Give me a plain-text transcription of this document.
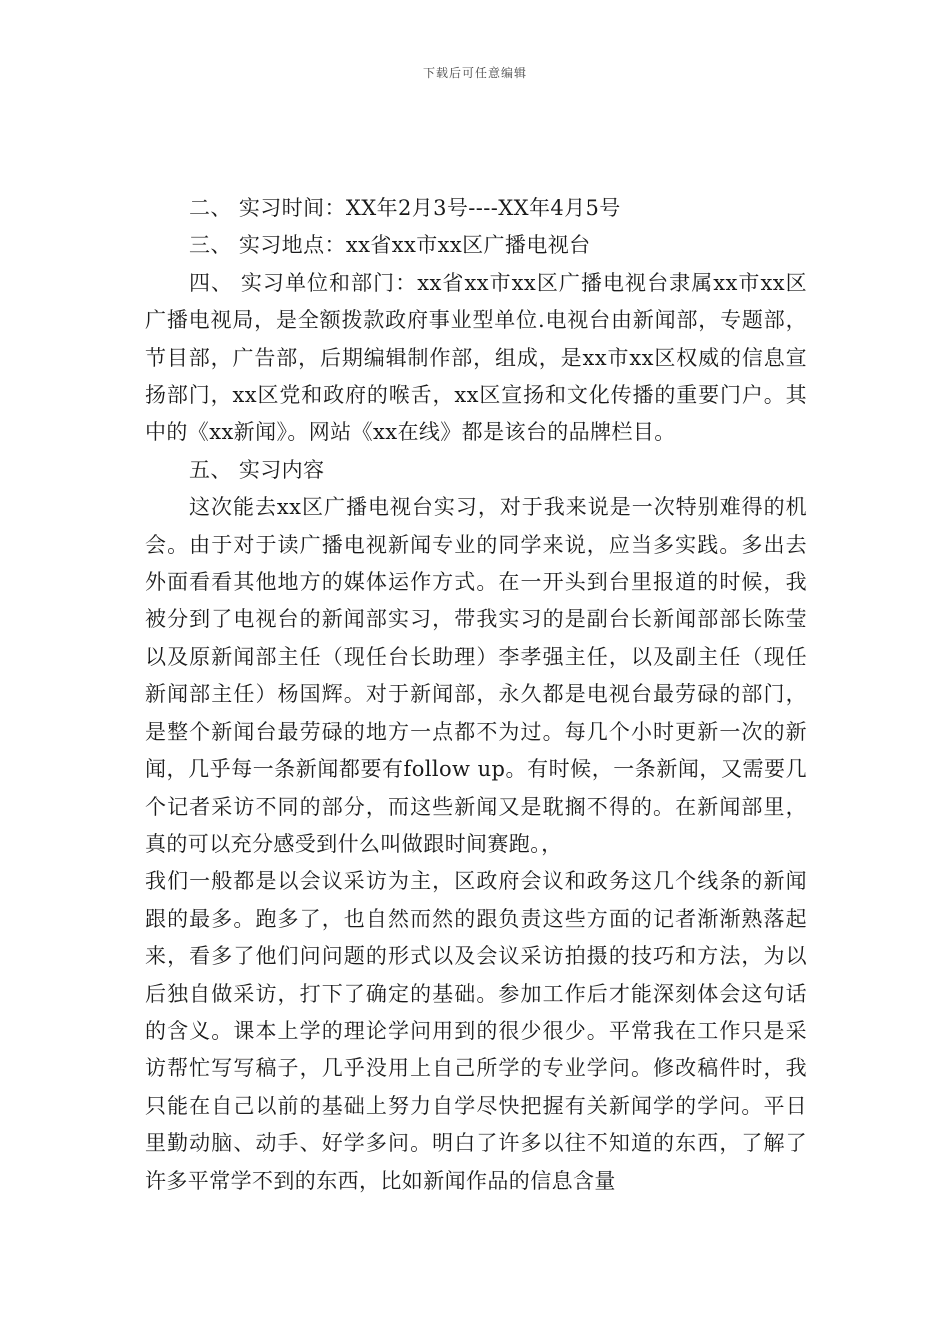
下载后可任意编辑

二、 实习时间：XX年2月3号----XX年4月5号

三、 实习地点：xx省xx市xx区广播电视台

四、 实习单位和部门：xx省xx市xx区广播电视台隶属xx市xx区广播电视局，是全额拨款政府事业型单位.电视台由新闻部，专题部，节目部，广告部，后期编辑制作部，组成，是xx市xx区权威的信息宣扬部门，xx区党和政府的喉舌，xx区宣扬和文化传播的重要门户。其中的《xx新闻》。网站《xx在线》都是该台的品牌栏目。

五、 实习内容

这次能去xx区广播电视台实习，对于我来说是一次特别难得的机会。由于对于读广播电视新闻专业的同学来说，应当多实践。多出去外面看看其他地方的媒体运作方式。在一开头到台里报道的时候，我被分到了电视台的新闻部实习，带我实习的是副台长新闻部部长陈莹以及原新闻部主任（现任台长助理）李孝强主任，以及副主任（现任新闻部主任）杨国辉。对于新闻部，永久都是电视台最劳碌的部门，是整个新闻台最劳碌的地方一点都不为过。每几个小时更新一次的新闻，几乎每一条新闻都要有follow up。有时候，一条新闻，又需要几个记者采访不同的部分，而这些新闻又是耽搁不得的。在新闻部里，真的可以充分感受到什么叫做跟时间赛跑。，

我们一般都是以会议采访为主，区政府会议和政务这几个线条的新闻跟的最多。跑多了，也自然而然的跟负责这些方面的记者渐渐熟落起来，看多了他们问问题的形式以及会议采访拍摄的技巧和方法，为以后独自做采访，打下了确定的基础。参加工作后才能深刻体会这句话的含义。课本上学的理论学问用到的很少很少。平常我在工作只是采访帮忙写写稿子，几乎没用上自己所学的专业学问。修改稿件时，我只能在自己以前的基础上努力自学尽快把握有关新闻学的学问。平日里勤动脑、动手、好学多问。明白了许多以往不知道的东西，了解了许多平常学不到的东西，比如新闻作品的信息含量
